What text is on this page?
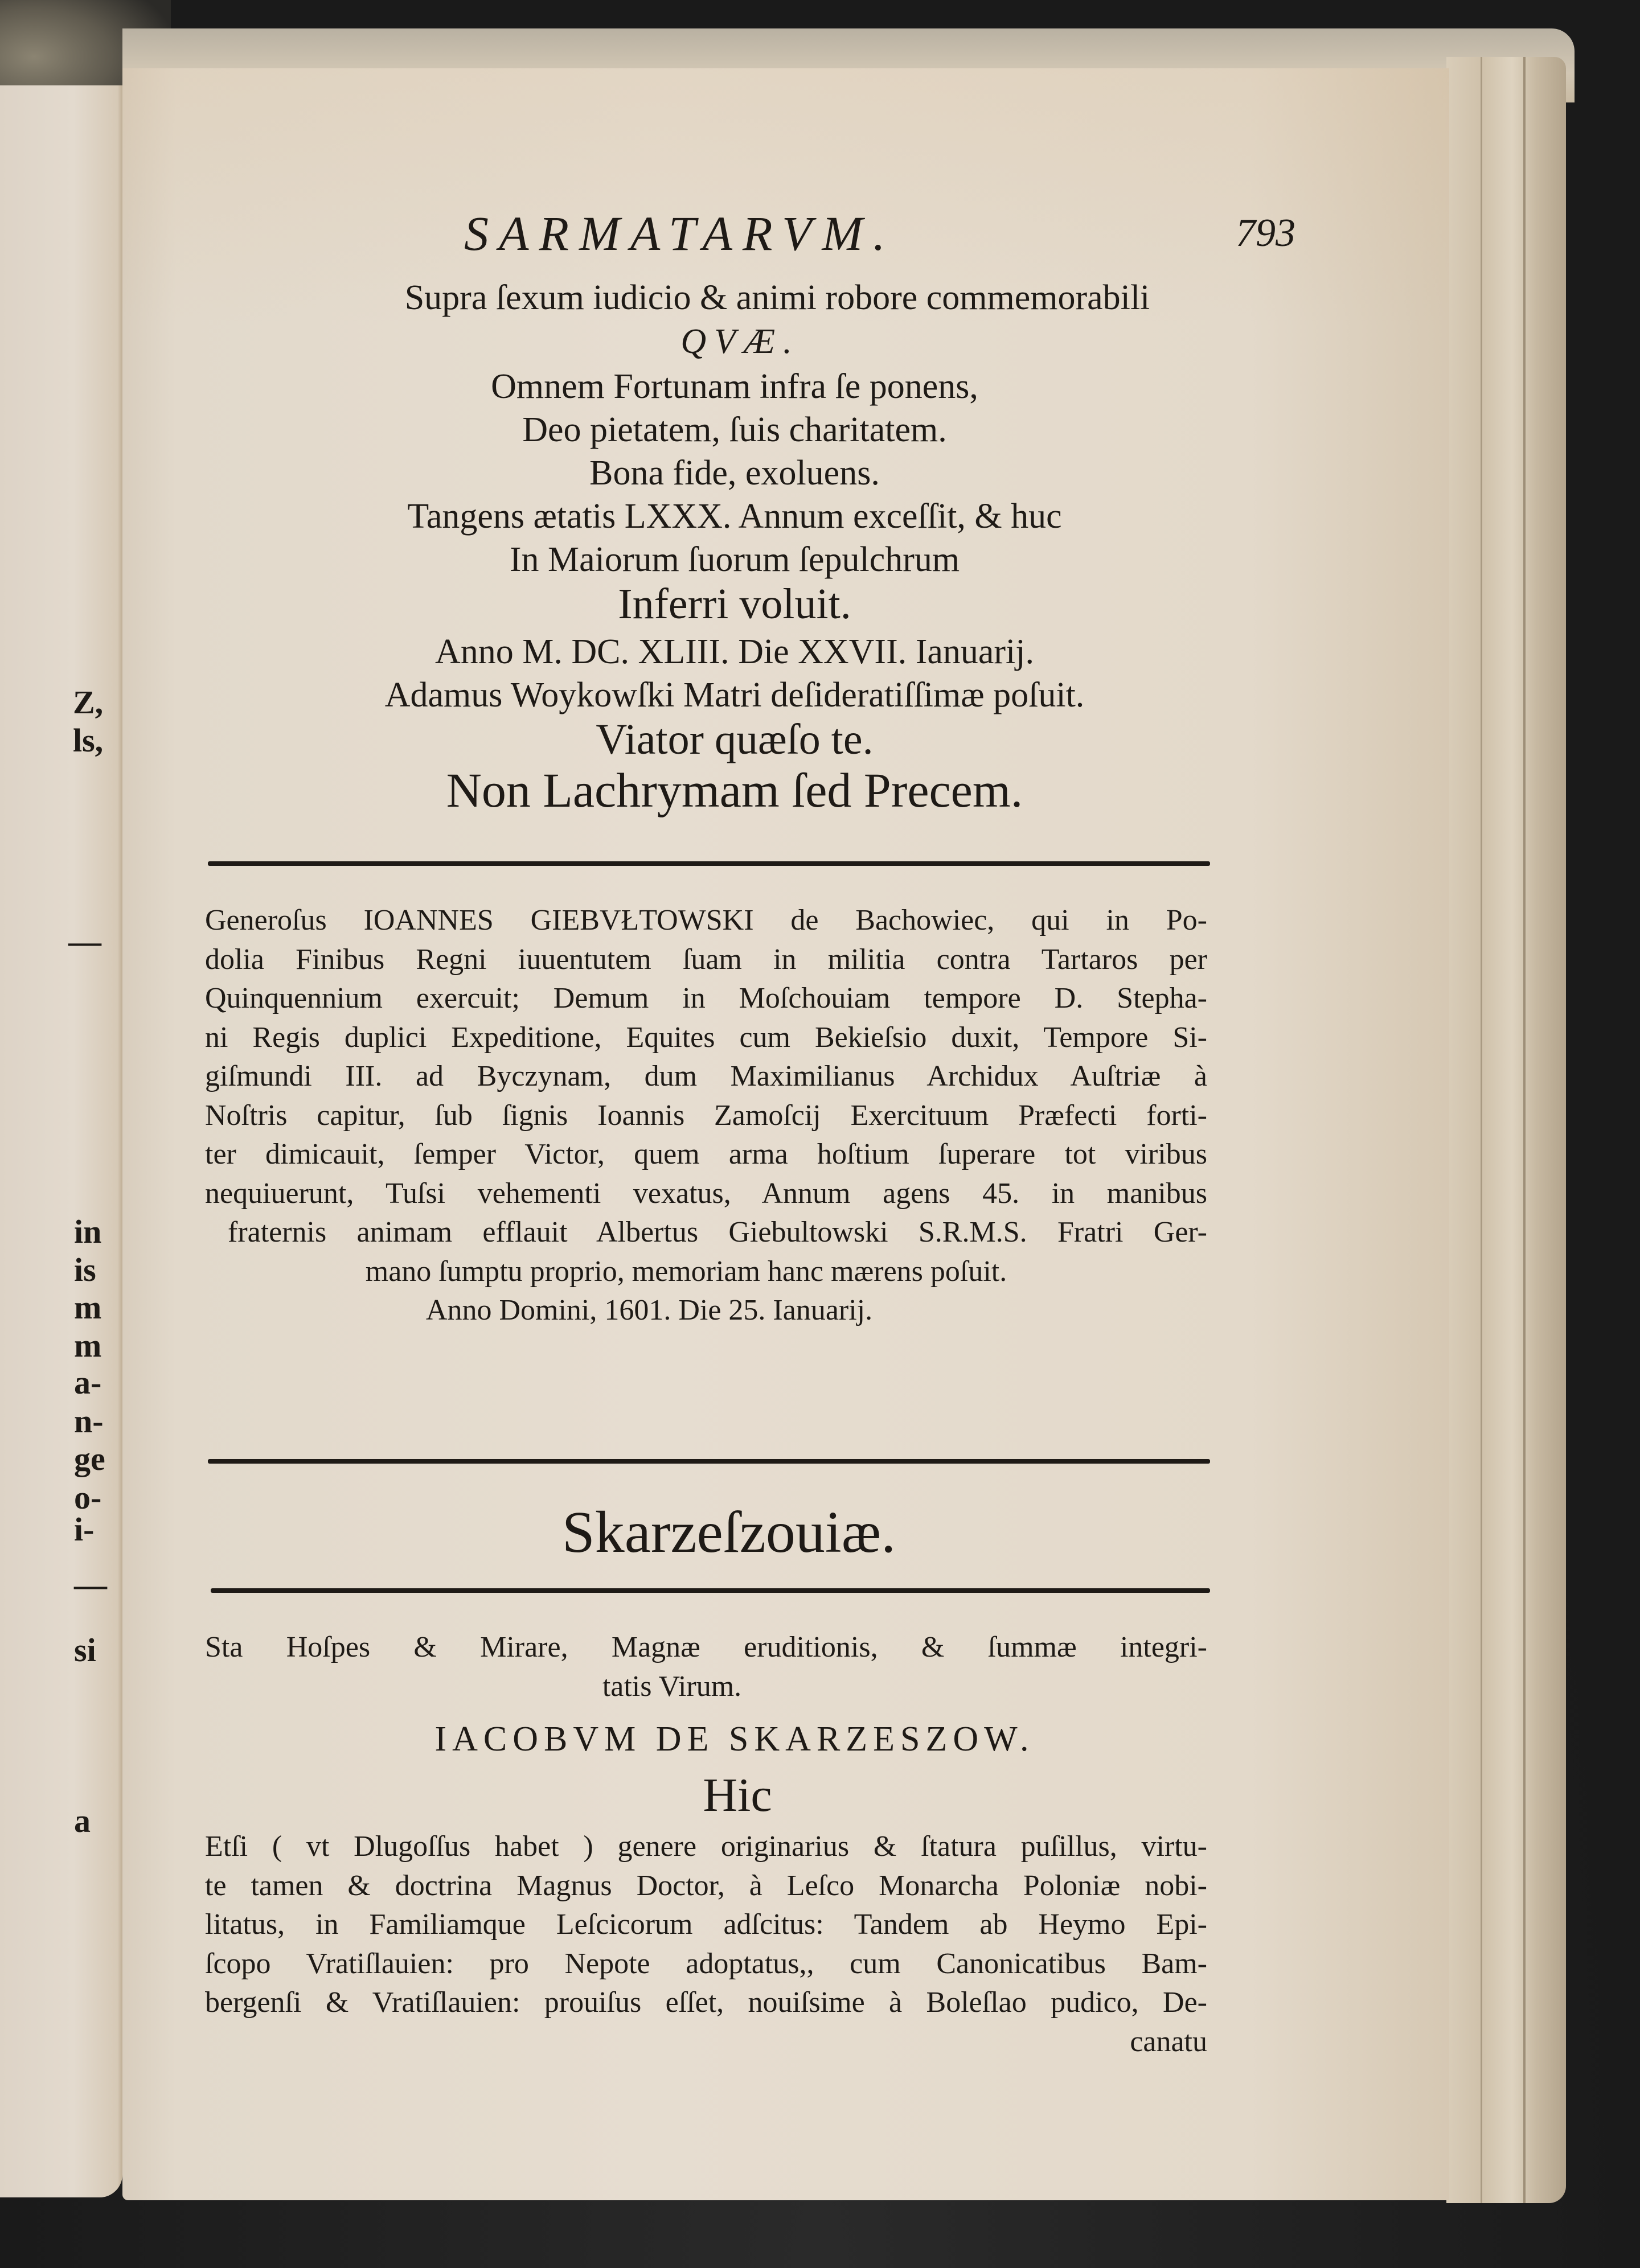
Z,
ls,
—
in
is
m
m
a-
n-
ge
o-
i-
—
si
a
SARMATARVM.	793
Supra ſexum iudicio & animi robore commemorabili
QVÆ.
Omnem Fortunam infra ſe ponens,
Deo pietatem, ſuis charitatem.
Bona fide, exoluens.
Tangens ætatis LXXX. Annum exceſſit, & huc
In Maiorum ſuorum ſepulchrum
Inferri voluit.
Anno M. DC. XLIII. Die XXVII. Ianuarij.
Adamus Woykowſki Matri deſideratiſſimæ poſuit.
Viator quæſo te.
Non Lachrymam ſed Precem.
Generoſus IOANNES GIEBVŁTOWSKI de Bachowiec, qui in Po-
dolia Finibus Regni iuuentutem ſuam in militia contra Tartaros per
Quinquennium exercuit; Demum in Moſchouiam tempore D. Stepha-
ni Regis duplici Expeditione, Equites cum Bekieſsio duxit, Tempore Si-
giſmundi III. ad Byczynam, dum Maximilianus Archidux Auſtriæ à
Noſtris capitur, ſub ſignis Ioannis Zamoſcij Exercituum Præfecti forti-
ter dimicauit, ſemper Victor, quem arma hoſtium ſuperare tot viribus
nequiuerunt, Tuſsi vehementi vexatus, Annum agens 45. in manibus
fraternis animam efflauit Albertus Giebultowski S.R.M.S. Fratri Ger-
mano ſumptu proprio, memoriam hanc mærens poſuit.
Anno Domini, 1601. Die 25. Ianuarij.
Skarzeſzouiæ.
Sta Hoſpes & Mirare, Magnæ eruditionis, & ſummæ integri-
tatis Virum.
IACOBVM DE SKARZESZOW.
Hic
Etſi ( vt Dlugoſſus habet ) genere originarius & ſtatura puſillus, virtu-
te tamen & doctrina Magnus Doctor, à Leſco Monarcha Poloniæ nobi-
litatus, in Familiamque Leſcicorum adſcitus: Tandem ab Heymo Epi-
ſcopo Vratiſlauien: pro Nepote adoptatus,, cum Canonicatibus Bam-
bergenſi & Vratiſlauien: prouiſus eſſet, nouiſsime à Boleſlao pudico, De-
canatu
